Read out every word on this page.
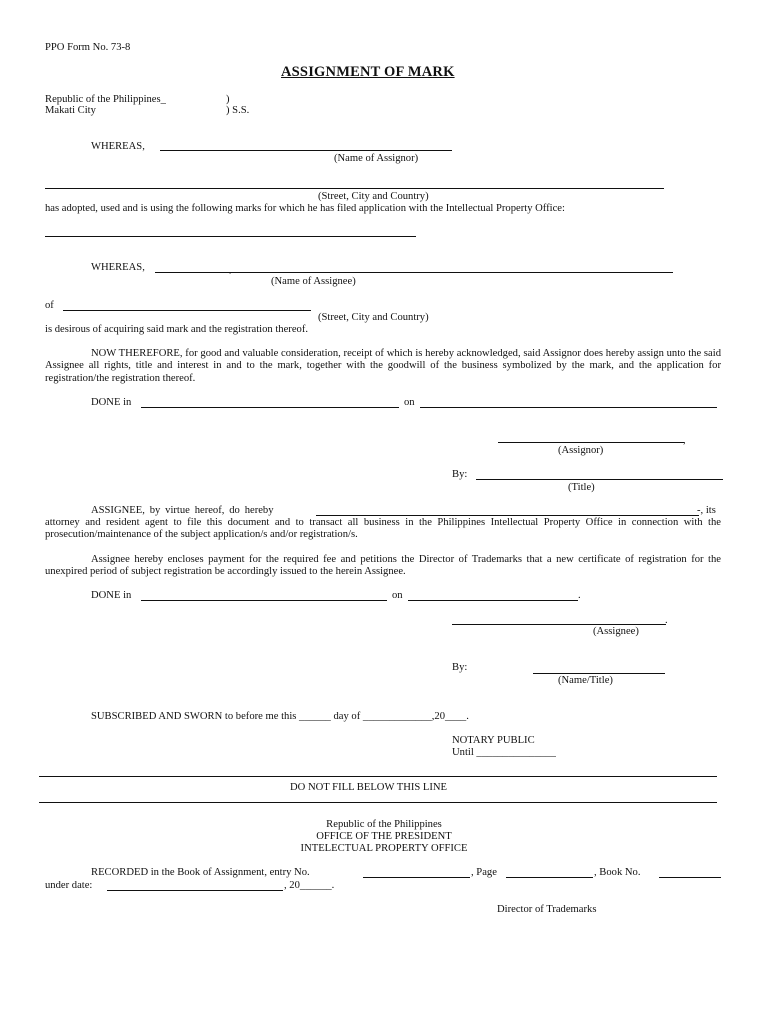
PPO Form No. 73-8
ASSIGNMENT OF MARK
Republic of the Philippines_	)
Makati City	) S.S.
WHEREAS,
(Name of Assignor)
(Street, City and Country)
has adopted, used and is using the following marks for which he has filed application with the Intellectual Property Office:
WHEREAS,
`	(Name of Assignee)
of
(Street, City and Country)
is desirous of acquiring said mark and the registration thereof.
NOW THEREFORE, for good and valuable consideration, receipt of which is hereby acknowledged, said Assignor does hereby assign unto the said Assignee all rights, title and interest in and to the mark, together with the goodwill of the business symbolized by the mark, and the application for registration/the registration thereof.
DONE in	on
,
(Assignor)
By:
(Title)
ASSIGNEE, by virtue hereof, do hereby	-, its
attorney and resident agent to file this document and to transact all business in the Philippines Intellectual Property Office in connection with the prosecution/maintenance of the subject application/s and/or registration/s.
Assignee hereby encloses payment for the required fee and petitions the Director of Trademarks that a new certificate of registration for the unexpired period of subject registration be accordingly issued to the herein Assignee.
DONE in	on	.
.
(Assignee)
By:
(Name/Title)
SUBSCRIBED AND SWORN to before me this ______ day of _____________,20____.
NOTARY PUBLIC
Until _______________
DO NOT FILL BELOW THIS LINE
Republic of the Philippines
OFFICE OF THE PRESIDENT
INTELECTUAL PROPERTY OFFICE
RECORDED in the Book of Assignment, entry No.	, Page	, Book No.
under date:	, 20______.
Director of Trademarks
